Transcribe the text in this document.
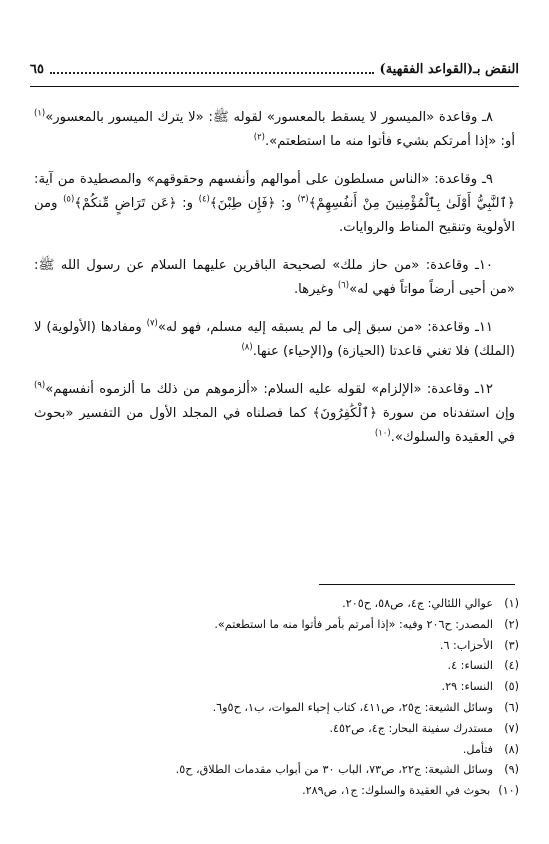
النقض بـ(القواعد الفقهية)
٦٥

٨ـ وقاعدة «الميسور لا يسقط بالمعسور» لقوله ﷺ: «لا يترك الميسور بالمعسور»$^{(١)}$ أو: «إذا أمرتكم بشيء فأتوا منه ما استطعتم».$^{(٢)}$

٩ـ وقاعدة: «الناس مسلطون على أموالهم وأنفسهم وحقوقهم» والمصطيدة من آية: ﴿ٱلنَّبِيُّ أَوْلَىٰ بِٱلْمُؤْمِنِينَ مِنْ أَنفُسِهِمْ﴾$^{(٣)}$ و: ﴿فَإِن طِبْنَ﴾$^{(٤)}$ و: ﴿عَن تَرَاضٍ مِّنكُمْ﴾$^{(٥)}$ ومن الأولوية وتنقيح المناط والروايات.

١٠ـ وقاعدة: «من حاز ملك» لصحيحة الباقرين عليهما السلام عن رسول الله ﷺ: «من أحيى أرضاً مواتاً فهي له»$^{(٦)}$ وغيرها.

١١ـ وقاعدة: «من سبق إلى ما لم يسبقه إليه مسلم، فهو له»$^{(٧)}$ ومفادها (الأولوية) لا (الملك) فلا تغني قاعدتا (الحيازة) و(الإحياء) عنها.$^{(٨)}$

١٢ـ وقاعدة: «الإلزام» لقوله عليه السلام: «ألزموهم من ذلك ما ألزموه أنفسهم»$^{(٩)}$ وإن استفدناه من سورة ﴿ٱلْكَٰفِرُونَ﴾ كما فصلناه في المجلد الأول من التفسير «بحوث في العقيدة والسلوك».$^{(١٠)}$

(١)
عوالي اللئالي: ج٤، ص٥٨، ح٢٠٥.
(٢)
المصدر: ح٢٠٦ وفيه: «إذا أمرتم بأمر فأتوا منه ما استطعتم».
(٣)
الأحزاب: ٦.
(٤)
النساء: ٤.
(٥)
النساء: ٢٩.
(٦)
وسائل الشيعة: ج٢٥، ص٤١١، كتاب إحياء الموات، ب١، ح٥و٦.
(٧)
مستدرك سفينة البحار: ج٤، ص٤٥٢.
(٨)
فتأمل.
(٩)
وسائل الشيعة: ج٢٢، ص٧٣، الباب ٣٠ من أبواب مقدمات الطلاق، ح٥.
(١٠)
بحوث في العقيدة والسلوك: ج١، ص٢٨٩.
